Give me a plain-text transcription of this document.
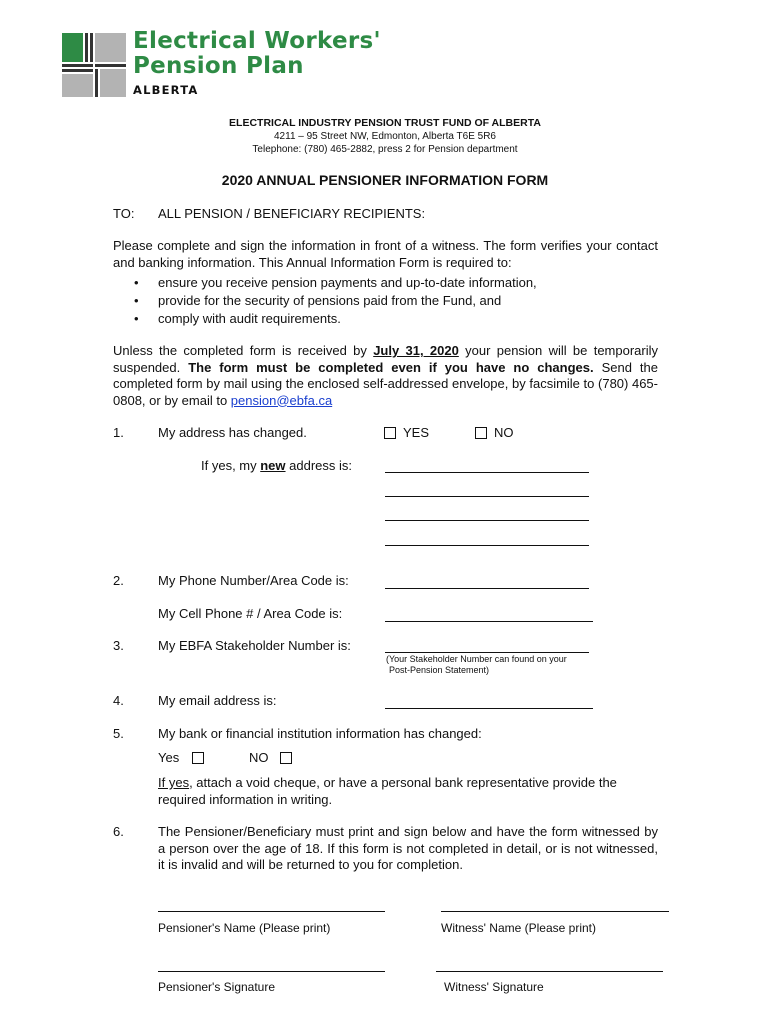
Electrical Workers'
Pension Plan
ALBERTA
ELECTRICAL INDUSTRY PENSION TRUST FUND OF ALBERTA
4211 – 95 Street NW, Edmonton, Alberta T6E 5R6
Telephone: (780) 465-2882, press 2 for Pension department
2020 ANNUAL PENSIONER INFORMATION FORM
TO: ALL PENSION / BENEFICIARY RECIPIENTS:
Please complete and sign the information in front of a witness. The form verifies your contact and banking information. This Annual Information Form is required to:
• ensure you receive pension payments and up-to-date information,
• provide for the security of pensions paid from the Fund, and
• comply with audit requirements.
Unless the completed form is received by July 31, 2020 your pension will be temporarily suspended. The form must be completed even if you have no changes. Send the completed form by mail using the enclosed self-addressed envelope, by facsimile to (780) 465-0808, or by email to pension@ebfa.ca
1.	My address has changed.	YES	NO
If yes, my new address is:
2.	My Phone Number/Area Code is:
My Cell Phone # / Area Code is:
3.	My EBFA Stakeholder Number is:
(Your Stakeholder Number can found on your
Post-Pension Statement)
4.	My email address is:
5.	My bank or financial institution information has changed:
Yes	NO
If yes, attach a void cheque, or have a personal bank representative provide the required information in writing.
6.	The Pensioner/Beneficiary must print and sign below and have the form witnessed by a person over the age of 18. If this form is not completed in detail, or is not witnessed, it is invalid and will be returned to you for completion.
Pensioner's Name (Please print)	Witness' Name (Please print)
Pensioner's Signature	Witness' Signature
